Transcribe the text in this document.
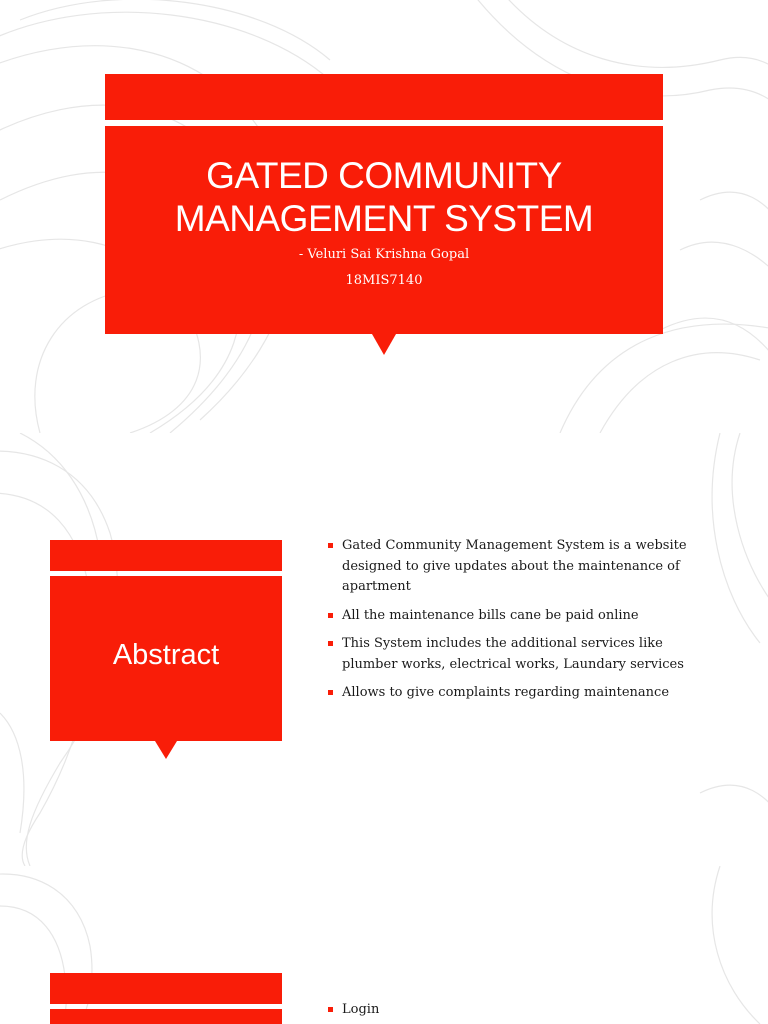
GATED COMMUNITY
MANAGEMENT SYSTEM
- Veluri Sai Krishna Gopal
18MIS7140
Abstract
Gated Community Management System is a website designed to give updates about the maintenance of apartment
All the maintenance bills cane be paid online
This System includes the additional services like plumber works, electrical works, Laundary services
Allows to give complaints regarding maintenance
Login
